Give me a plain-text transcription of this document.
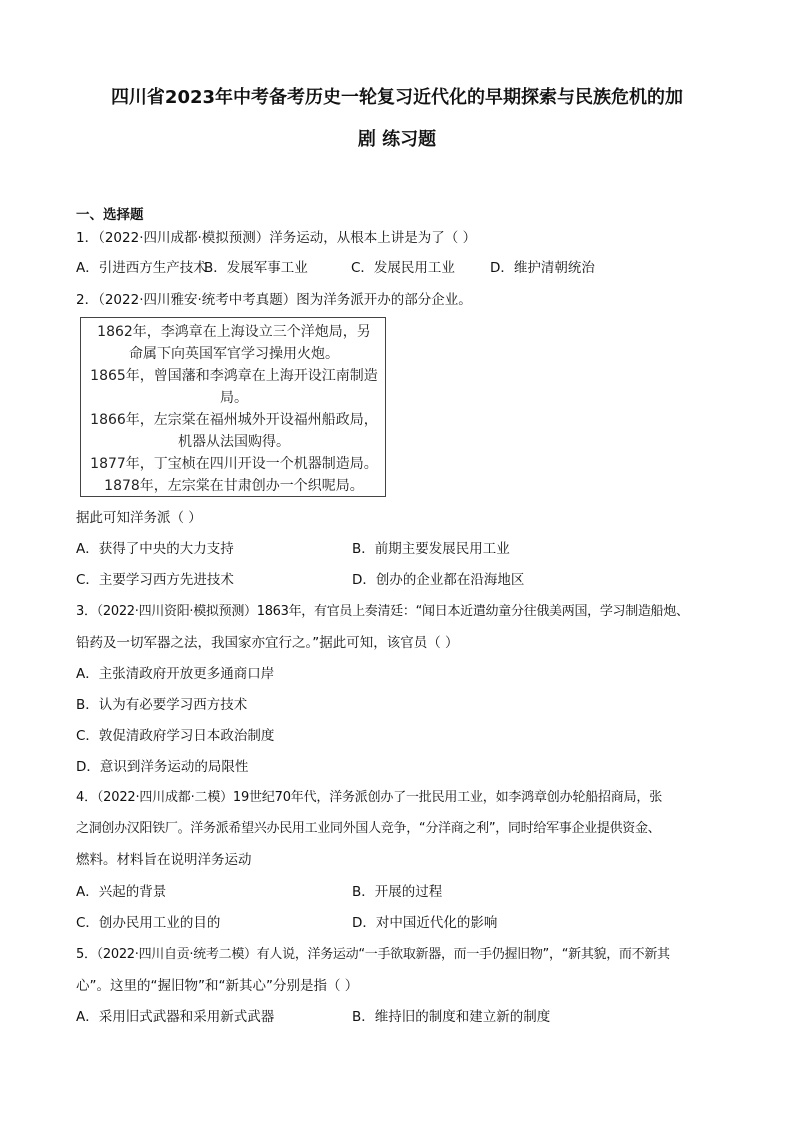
四川省2023年中考备考历史一轮复习近代化的早期探索与民族危机的加
剧 练习题
一、选择题
1．（2022·四川成都·模拟预测）洋务运动，从根本上讲是为了（ ）
A．引进西方生产技术
B．发展军事工业	C．发展民用工业	D．维护清朝统治
2．（2022·四川雅安·统考中考真题）图为洋务派开办的部分企业。
1862年，李鸿章在上海设立三个洋炮局，另
命属下向英国军官学习操用火炮。
1865年，曾国藩和李鸿章在上海开设江南制造
局。
1866年，左宗棠在福州城外开设福州船政局，
机器从法国购得。
1877年，丁宝桢在四川开设一个机器制造局。
1878年，左宗棠在甘肃创办一个织呢局。
据此可知洋务派（ ）
A．获得了中央的大力支持	B．前期主要发展民用工业
C．主要学习西方先进技术	D．创办的企业都在沿海地区
3．（2022·四川资阳·模拟预测）1863年，有官员上奏清廷：“闻日本近遣幼童分往俄美两国，学习制造船炮、
铅药及一切军器之法，我国家亦宜行之。”据此可知，该官员（ ）
A．主张清政府开放更多通商口岸
B．认为有必要学习西方技术
C．敦促清政府学习日本政治制度
D．意识到洋务运动的局限性
4．（2022·四川成都·二模）19世纪70年代，洋务派创办了一批民用工业，如李鸿章创办轮船招商局，张
之洞创办汉阳铁厂。洋务派希望兴办民用工业同外国人竞争，“分洋商之利”，同时给军事企业提供资金、
燃料。材料旨在说明洋务运动
A．兴起的背景	B．开展的过程
C．创办民用工业的目的	D．对中国近代化的影响
5．（2022·四川自贡·统考二模）有人说，洋务运动“一手欲取新器，而一手仍握旧物”，“新其貌，而不新其
心”。这里的“握旧物”和“新其心”分别是指（ ）
A．采用旧式武器和采用新式武器	B．维持旧的制度和建立新的制度
